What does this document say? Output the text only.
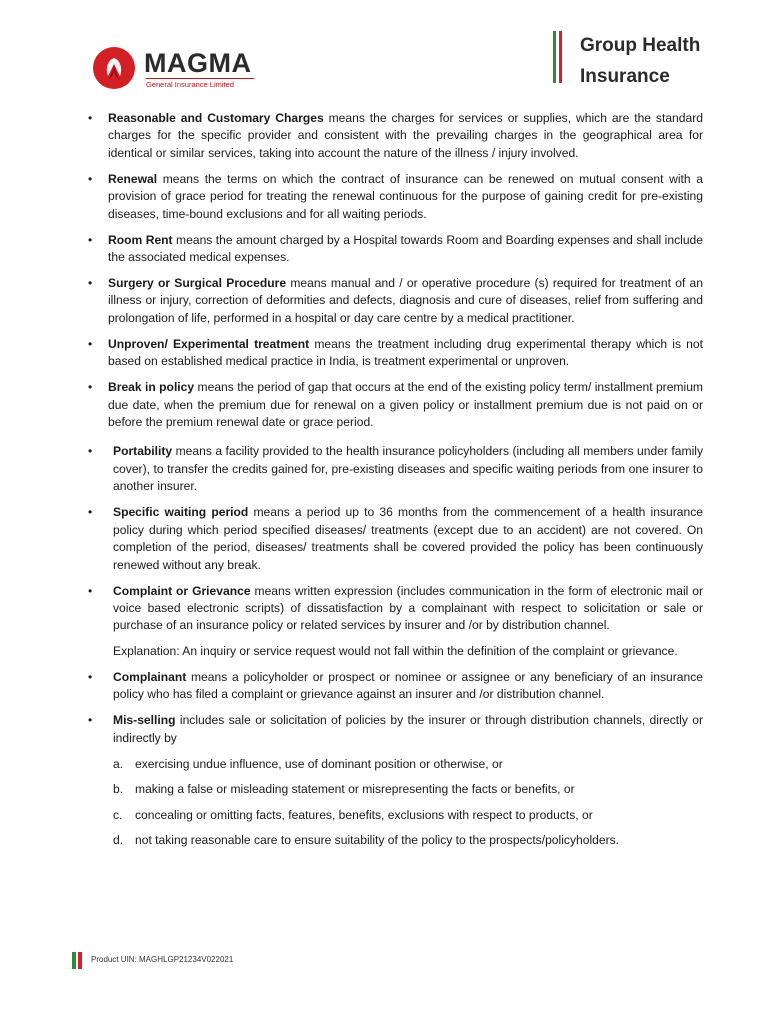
MAGMA
General Insurance Limited
Group Health
Insurance
• Reasonable and Customary Charges means the charges for services or supplies, which are the standard charges for the specific provider and consistent with the prevailing charges in the geographical area for identical or similar services, taking into account the nature of the illness / injury involved.
• Renewal means the terms on which the contract of insurance can be renewed on mutual consent with a provision of grace period for treating the renewal continuous for the purpose of gaining credit for pre-existing diseases, time-bound exclusions and for all waiting periods.
• Room Rent means the amount charged by a Hospital towards Room and Boarding expenses and shall include the associated medical expenses.
• Surgery or Surgical Procedure means manual and / or operative procedure (s) required for treatment of an illness or injury, correction of deformities and defects, diagnosis and cure of diseases, relief from suffering and prolongation of life, performed in a hospital or day care centre by a medical practitioner.
• Unproven/ Experimental treatment means the treatment including drug experimental therapy which is not based on established medical practice in India, is treatment experimental or unproven.
• Break in policy means the period of gap that occurs at the end of the existing policy term/ installment premium due date, when the premium due for renewal on a given policy or installment premium due is not paid on or before the premium renewal date or grace period.
• Portability means a facility provided to the health insurance policyholders (including all members under family cover), to transfer the credits gained for, pre-existing diseases and specific waiting periods from one insurer to another insurer.
• Specific waiting period means a period up to 36 months from the commencement of a health insurance policy during which period specified diseases/ treatments (except due to an accident) are not covered. On completion of the period, diseases/ treatments shall be covered provided the policy has been continuously renewed without any break.
• Complaint or Grievance means written expression (includes communication in the form of electronic mail or voice based electronic scripts) of dissatisfaction by a complainant with respect to solicitation or sale or purchase of an insurance policy or related services by insurer and /or by distribution channel.
Explanation: An inquiry or service request would not fall within the definition of the complaint or grievance.
• Complainant means a policyholder or prospect or nominee or assignee or any beneficiary of an insurance policy who has filed a complaint or grievance against an insurer and /or distribution channel.
• Mis-selling includes sale or solicitation of policies by the insurer or through distribution channels, directly or indirectly by
a. exercising undue influence, use of dominant position or otherwise, or
b. making a false or misleading statement or misrepresenting the facts or benefits, or
c. concealing or omitting facts, features, benefits, exclusions with respect to products, or
d. not taking reasonable care to ensure suitability of the policy to the prospects/policyholders.
Product UIN: MAGHLGP21234V022021
